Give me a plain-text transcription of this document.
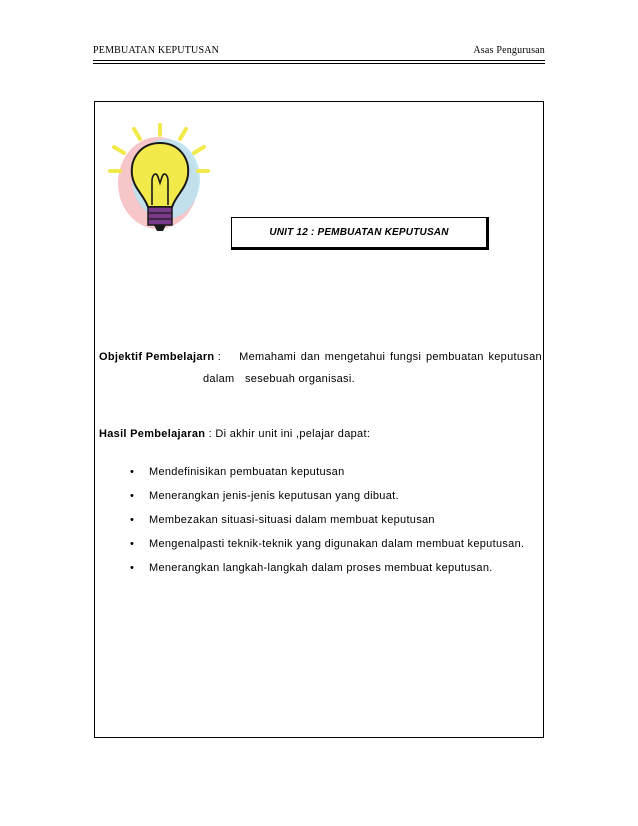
PEMBUATAN KEPUTUSAN	Asas Pengurusan
UNIT 12 : PEMBUATAN KEPUTUSAN
Objektif Pembelajarn : Memahami dan mengetahui fungsi pembuatan keputusan
dalam sesebuah organisasi.
Hasil Pembelajaran : Di akhir unit ini ,pelajar dapat:
• Mendefinisikan pembuatan keputusan
• Menerangkan jenis-jenis keputusan yang dibuat.
• Membezakan situasi-situasi dalam membuat keputusan
• Mengenalpasti teknik-teknik yang digunakan dalam membuat keputusan.
• Menerangkan langkah-langkah dalam proses membuat keputusan.
